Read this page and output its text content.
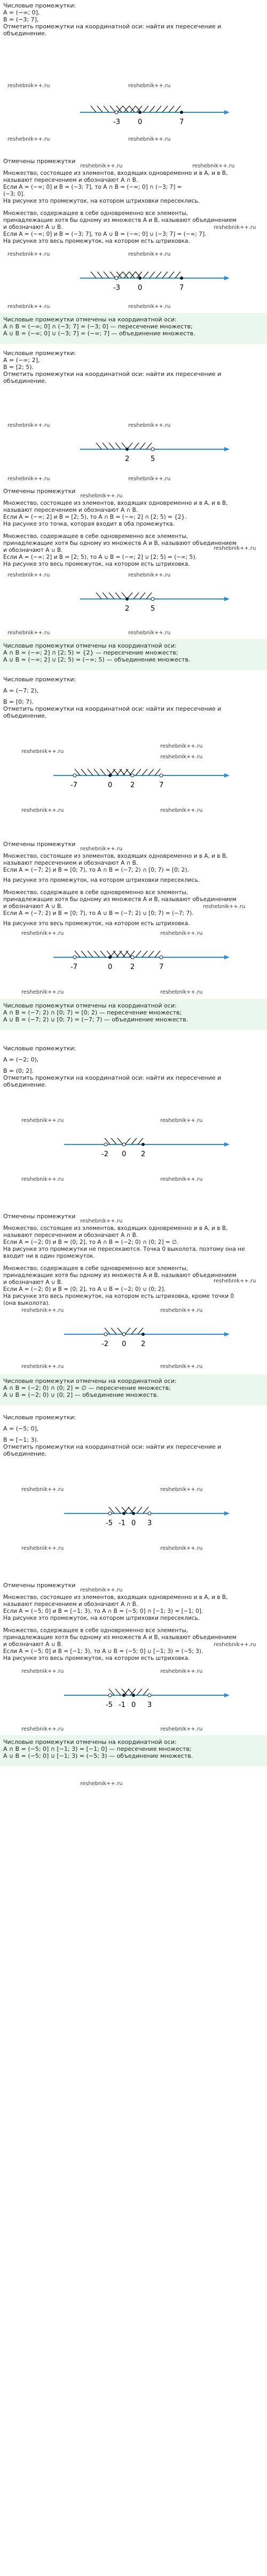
Числовые промежутки:
A = (−∞; 0],
B = (−3; 7],
Отметить промежутки на координатной оси: найти их пересечение и объединение.
reshebnik++.ru	reshebnik++.ru
reshebnik++.ru	reshebnik++.ru
-3	0	7
Отмечены промежутки
Множество, состоящее из элементов, входящих одновременно и в A, и в B,
называют пересечением и обозначают A ∩ B.
Если A = (−∞; 0] и B = (−3; 7], то A ∩ B = (−∞; 0] ∩ (−3; 7] =
(−3; 0].
На рисунке это промежуток, на котором штриховки пересеклись.
Множество, содержащее в себе одновременно все элементы,
принадлежащие хотя бы одному из множеств A и B, называют объединением
и обозначают A ∪ B.
Если A = (−∞; 0] и B = (−3; 7], то A ∪ B = (−∞; 0] ∪ (−3; 7] = (−∞; 7].
На рисунке это весь промежуток, на котором есть штриховка.
reshebnik++.ru	reshebnik++.ru
reshebnik++.ru
-3	0	7
reshebnik++.ru	reshebnik++.ru
reshebnik++.ru	reshebnik++.ru
Числовые промежутки отмечены на координатной оси:
A ∩ B = (−∞; 0] ∩ (−3; 7] = (−3; 0] — пересечение множеств;
A ∪ B = (−∞; 0] ∪ (−3; 7] = (−∞; 7] — объединение множеств.
Числовые промежутки:
A = (−∞; 2],
B = [2; 5).
Отметить промежутки на координатной оси: найти их пересечение и объединение.
reshebnik++.ru	reshebnik++.ru
2	5
reshebnik++.ru	reshebnik++.ru
Отмечены промежутки
Множество, состоящее из элементов, входящих одновременно и в A, и в B,
называют пересечением и обозначают A ∩ B.
Если A = (−∞; 2] и B = [2; 5), то A ∩ B = (−∞; 2] ∩ [2; 5) = {2}.
На рисунке это точка, которая входит в оба промежутка.
Множество, содержащее в себе одновременно все элементы,
принадлежащие хотя бы одному из множеств A и B, называют объединением
и обозначают A ∪ B.
Если A = (−∞; 2] и B = [2; 5), то A ∪ B = (−∞; 2] ∪ [2; 5) = (−∞; 5).
На рисунке это весь промежуток, на котором есть штриховка.
reshebnik++.ru
reshebnik++.ru
2	5
reshebnik++.ru	reshebnik++.ru
reshebnik++.ru	reshebnik++.ru
Числовые промежутки отмечены на координатной оси:
A ∩ B = (−∞; 2] ∩ [2; 5) = {2} — пересечение множеств;
A ∪ B = (−∞; 2] ∪ [2; 5) = (−∞; 5) — объединение множеств.
Числовые промежутки:
A = (−7; 2),
B = [0; 7).
Отметить промежутки на координатной оси: найти их пересечение и объединение.
reshebnik++.ru
reshebnik++.ru
reshebnik++.ru
-7	0	2	7
reshebnik++.ru	reshebnik++.ru
Отмечены промежутки
Множество, состоящее из элементов, входящих одновременно и в A, и в B,
называют пересечением и обозначают A ∩ B.
Если A = (−7; 2) и B = [0; 7), то A ∩ B = (−7; 2) ∩ [0; 7) = [0; 2).
На рисунке это промежуток, на котором штриховки пересеклись.
Множество, содержащее в себе одновременно все элементы,
принадлежащие хотя бы одному из множеств A и B, называют объединением
и обозначают A ∪ B.
Если A = (−7; 2) и B = [0; 7), то A ∪ B = (−7; 2) ∪ [0; 7) = (−7; 7).
На рисунке это весь промежуток, на котором есть штриховка.
reshebnik++.ru
reshebnik++.ru
-7	0	2	7
reshebnik++.ru	reshebnik++.ru
reshebnik++.ru	reshebnik++.ru
Числовые промежутки отмечены на координатной оси:
A ∩ B = (−7; 2) ∩ [0; 7) = [0; 2) — пересечение множеств;
A ∪ B = (−7; 2) ∪ [0; 7) = (−7; 7) — объединение множеств.
Числовые промежутки:
A = (−2; 0),
B = (0; 2].
Отметить промежутки на координатной оси: найти их пересечение и объединение.
reshebnik++.ru	reshebnik++.ru
-2 0 2
reshebnik++.ru	reshebnik++.ru
Отмечены промежутки
Множество, состоящее из элементов, входящих одновременно и в A, и в B,
называют пересечением и обозначают A ∩ B.
Если A = (−2; 0) и B = (0; 2], то A ∩ B = (−2; 0) ∩ (0; 2] = ∅.
На рисунке это промежутки не пересекаются. Точка 0 выколота, поэтому она не
входит ни в один промежуток.
Множество, содержащее в себе одновременно все элементы,
принадлежащие хотя бы одному из множеств A и B, называют объединением
и обозначают A ∪ B.
Если A = (−2; 0) и B = (0; 2], то A ∪ B = (−2; 0) ∪ (0; 2].
На рисунке это весь промежуток, на котором есть штриховка, кроме точки 0
(она выколота).
reshebnik++.ru
reshebnik++.ru
-2 0 2
reshebnik++.ru	reshebnik++.ru
reshebnik++.ru	reshebnik++.ru
Числовые промежутки отмечены на координатной оси:
A ∩ B = (−2; 0) ∩ (0; 2] = ∅ — пересечение множеств;
A ∪ B = (−2; 0) ∪ (0; 2] — объединение множеств.
Числовые промежутки:
A = (−5; 0],
B = [−1; 3).
Отметить промежутки на координатной оси: найти их пересечение и объединение.
reshebnik++.ru	reshebnik++.ru
-5 -1 0 3
reshebnik++.ru	reshebnik++.ru
Отмечены промежутки
Множество, состоящее из элементов, входящих одновременно и в A, и в B,
называют пересечением и обозначают A ∩ B.
Если A = (−5; 0] и B = [−1; 3), то A ∩ B = (−5; 0] ∩ [−1; 3) = [−1; 0].
На рисунке это промежуток, на котором штриховки пересеклись.
Множество, содержащее в себе одновременно все элементы,
принадлежащие хотя бы одному из множеств A и B, называют объединением
и обозначают A ∪ B.
Если A = (−5; 0] и B = [−1; 3), то A ∪ B = (−5; 0] ∪ [−1; 3) = (−5; 3).
На рисунке это весь промежуток, на котором есть штриховка.
reshebnik++.ru
reshebnik++.ru
-5 -1 0 3
reshebnik++.ru	reshebnik++.ru
reshebnik++.ru	reshebnik++.ru
Числовые промежутки отмечены на координатной оси:
A ∩ B = (−5; 0] ∩ [−1; 3) = [−1; 0] — пересечение множеств;
A ∪ B = (−5; 0] ∪ [−1; 3) = (−5; 3) — объединение множеств.
reshebnik++.ru
